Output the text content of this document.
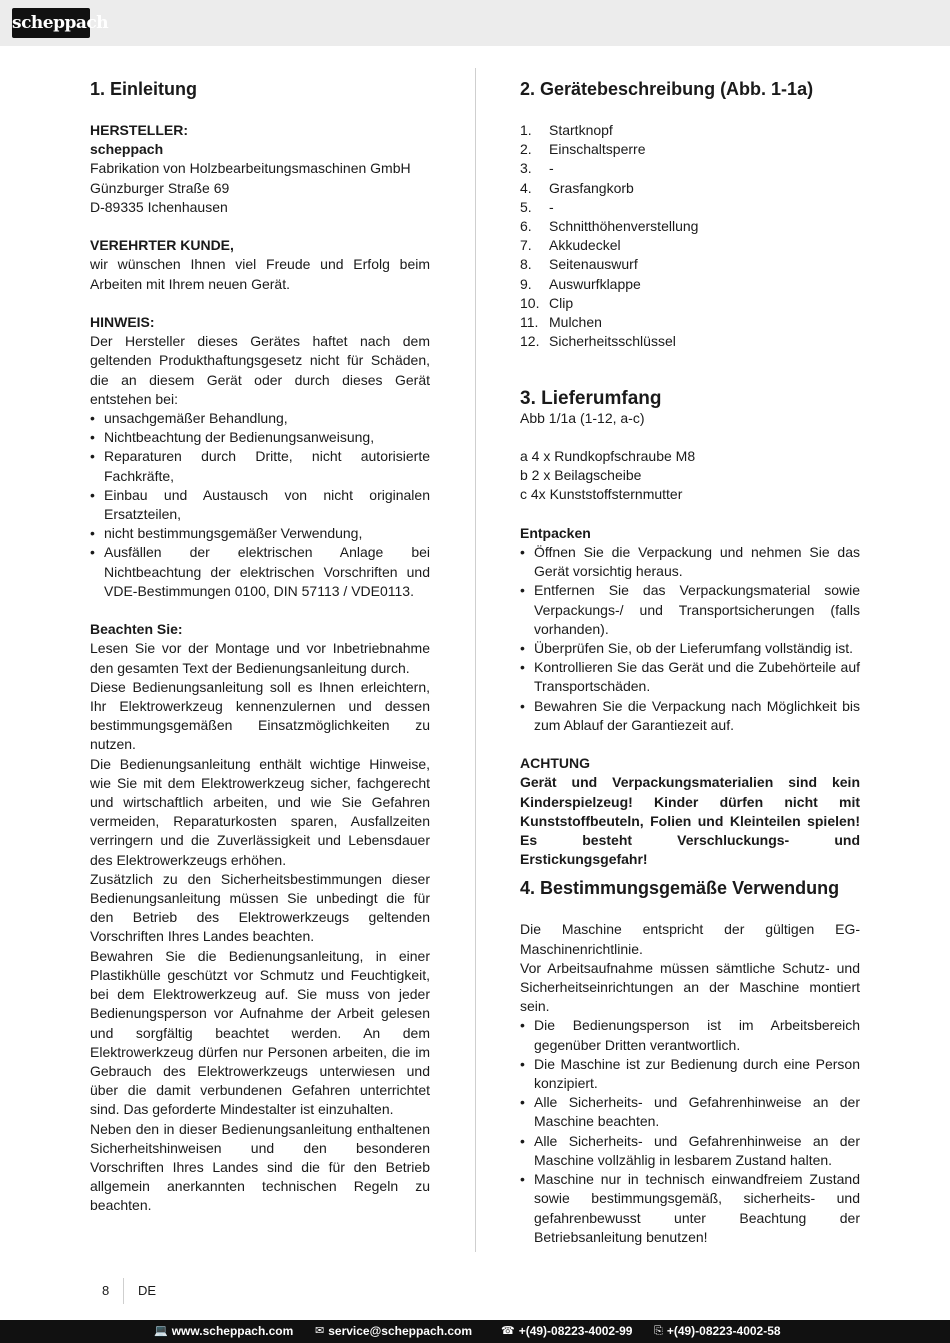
scheppach
1. Einleitung
HERSTELLER:
scheppach
Fabrikation von Holzbearbeitungsmaschinen GmbH
Günzburger Straße 69
D-89335 Ichenhausen
VEREHRTER KUNDE,
wir wünschen Ihnen viel Freude und Erfolg beim Arbeiten mit Ihrem neuen Gerät.
HINWEIS:
Der Hersteller dieses Gerätes haftet nach dem geltenden Produkthaftungsgesetz nicht für Schäden, die an diesem Gerät oder durch dieses Gerät entstehen bei:
• unsachgemäßer Behandlung,
• Nichtbeachtung der Bedienungsanweisung,
• Reparaturen durch Dritte, nicht autorisierte Fachkräfte,
• Einbau und Austausch von nicht originalen Ersatzteilen,
• nicht bestimmungsgemäßer Verwendung,
• Ausfällen der elektrischen Anlage bei Nichtbeachtung der elektrischen Vorschriften und VDE-Bestimmungen 0100, DIN 57113 / VDE0113.
Beachten Sie:
Lesen Sie vor der Montage und vor Inbetriebnahme den gesamten Text der Bedienungsanleitung durch.
Diese Bedienungsanleitung soll es Ihnen erleichtern, Ihr Elektrowerkzeug kennenzulernen und dessen bestimmungsgemäßen Einsatzmöglichkeiten zu nutzen.
Die Bedienungsanleitung enthält wichtige Hinweise, wie Sie mit dem Elektrowerkzeug sicher, fachgerecht und wirtschaftlich arbeiten, und wie Sie Gefahren vermeiden, Reparaturkosten sparen, Ausfallzeiten verringern und die Zuverlässigkeit und Lebensdauer des Elektrowerkzeugs erhöhen.
Zusätzlich zu den Sicherheitsbestimmungen dieser Bedienungsanleitung müssen Sie unbedingt die für den Betrieb des Elektrowerkzeugs geltenden Vorschriften Ihres Landes beachten.
Bewahren Sie die Bedienungsanleitung, in einer Plastikhülle geschützt vor Schmutz und Feuchtigkeit, bei dem Elektrowerkzeug auf. Sie muss von jeder Bedienungsperson vor Aufnahme der Arbeit gelesen und sorgfältig beachtet werden. An dem Elektrowerkzeug dürfen nur Personen arbeiten, die im Gebrauch des Elektrowerkzeugs unterwiesen und über die damit verbundenen Gefahren unterrichtet sind. Das geforderte Mindestalter ist einzuhalten.
Neben den in dieser Bedienungsanleitung enthaltenen Sicherheitshinweisen und den besonderen Vorschriften Ihres Landes sind die für den Betrieb allgemein anerkannten technischen Regeln zu beachten.
2. Gerätebeschreibung (Abb. 1-1a)
1.	Startknopf
2.	Einschaltsperre
3.	-
4.	Grasfangkorb
5.	-
6.	Schnitthöhenverstellung
7.	Akkudeckel
8.	Seitenauswurf
9.	Auswurfklappe
10. Clip
11. Mulchen
12. Sicherheitsschlüssel
3. Lieferumfang
Abb 1/1a (1-12, a-c)
a 4 x Rundkopfschraube M8
b 2 x Beilagscheibe
c 4x Kunststoffsternmutter
Entpacken
• Öffnen Sie die Verpackung und nehmen Sie das Gerät vorsichtig heraus.
• Entfernen Sie das Verpackungsmaterial sowie Verpackungs-/ und Transportsicherungen (falls vorhanden).
• Überprüfen Sie, ob der Lieferumfang vollständig ist.
• Kontrollieren Sie das Gerät und die Zubehörteile auf Transportschäden.
• Bewahren Sie die Verpackung nach Möglichkeit bis zum Ablauf der Garantiezeit auf.
ACHTUNG
Gerät und Verpackungsmaterialien sind kein Kinderspielzeug! Kinder dürfen nicht mit Kunststoffbeuteln, Folien und Kleinteilen spielen! Es besteht Verschluckungs- und Erstickungsgefahr!
4. Bestimmungsgemäße Verwendung
Die Maschine entspricht der gültigen EG-Maschinenrichtlinie.
Vor Arbeitsaufnahme müssen sämtliche Schutz- und Sicherheitseinrichtungen an der Maschine montiert sein.
• Die Bedienungsperson ist im Arbeitsbereich gegenüber Dritten verantwortlich.
• Die Maschine ist zur Bedienung durch eine Person konzipiert.
• Alle Sicherheits- und Gefahrenhinweise an der Maschine beachten.
• Alle Sicherheits- und Gefahrenhinweise an der Maschine vollzählig in lesbarem Zustand halten.
• Maschine nur in technisch einwandfreiem Zustand sowie bestimmungsgemäß, sicherheits- und gefahrenbewusst unter Beachtung der Betriebsanleitung benutzen!
8 DE
💻 www.scheppach.com ✉ service@scheppach.com	☎ +(49)-08223-4002-99 ⎘ +(49)-08223-4002-58
